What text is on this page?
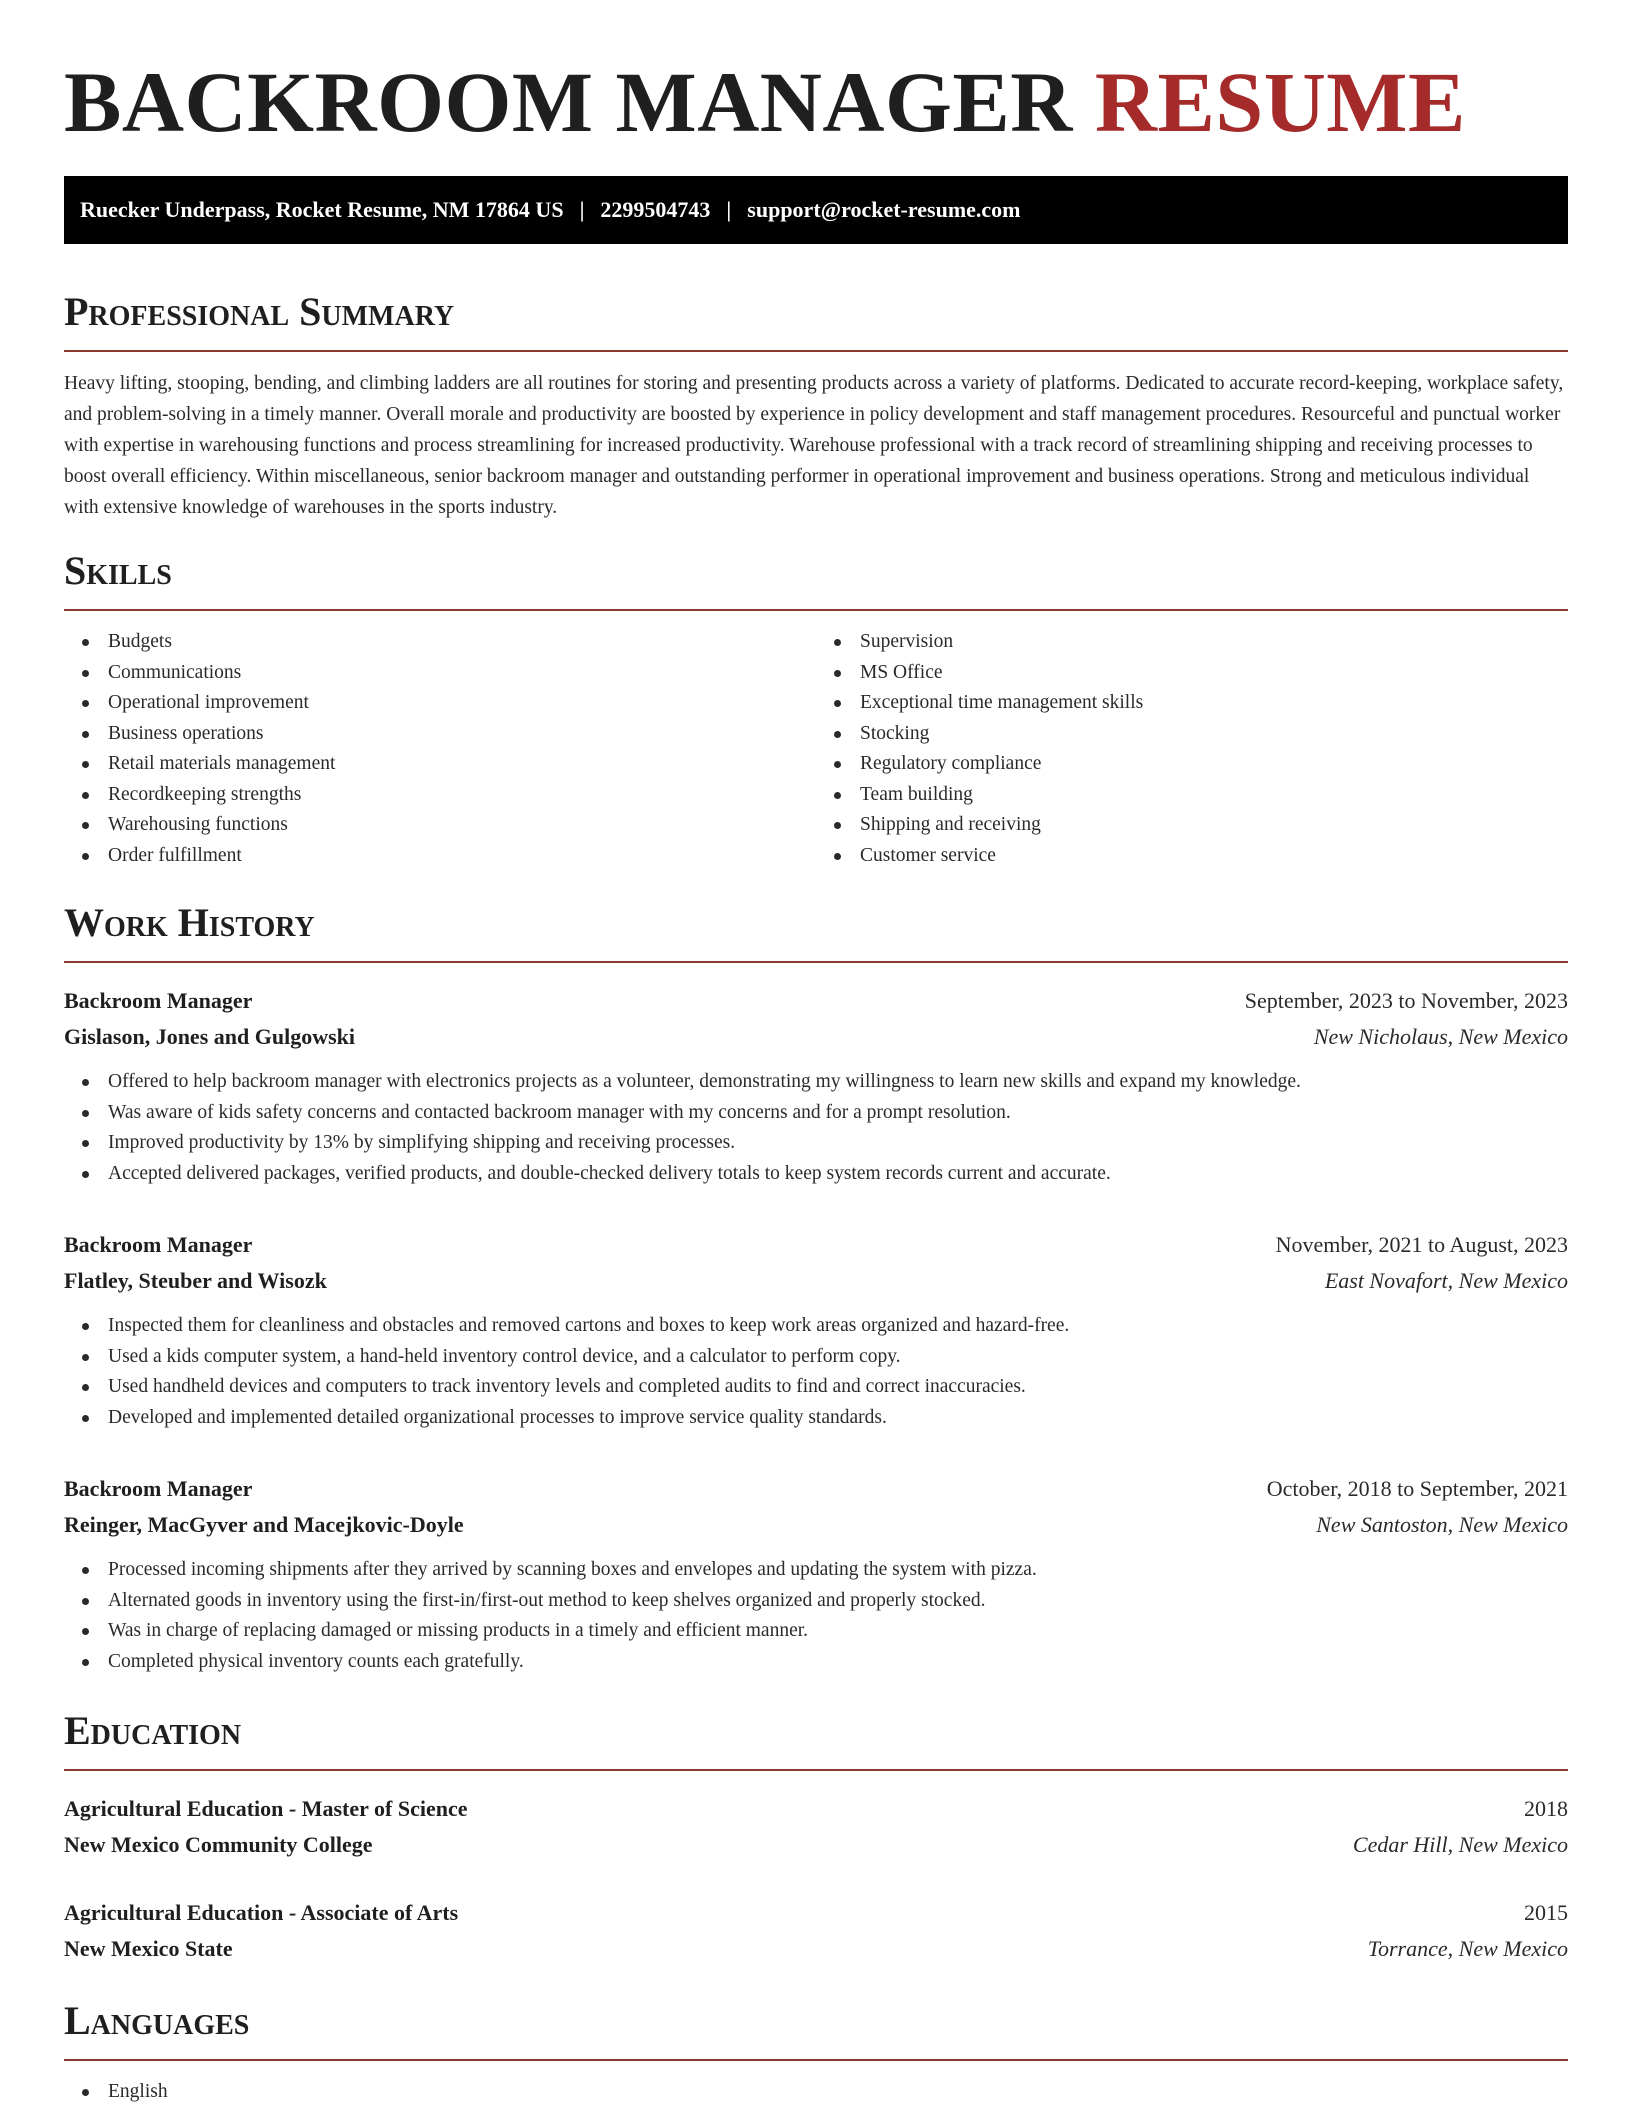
BACKROOM MANAGER RESUME
Ruecker Underpass, Rocket Resume, NM 17864 US | 2299504743 | support@rocket-resume.com
Professional Summary

Heavy lifting, stooping, bending, and climbing ladders are all routines for storing and presenting products across a variety of platforms. Dedicated to accurate record-keeping, workplace safety, and problem-solving in a timely manner. Overall morale and productivity are boosted by experience in policy development and staff management procedures. Resourceful and punctual worker with expertise in warehousing functions and process streamlining for increased productivity. Warehouse professional with a track record of streamlining shipping and receiving processes to boost overall efficiency. Within miscellaneous, senior backroom manager and outstanding performer in operational improvement and business operations. Strong and meticulous individual with extensive knowledge of warehouses in the sports industry.

Skills
Budgets
Communications
Operational improvement
Business operations
Retail materials management
Recordkeeping strengths
Warehousing functions
Order fulfillment
Supervision
MS Office
Exceptional time management skills
Stocking
Regulatory compliance
Team building
Shipping and receiving
Customer service
Work History
Backroom Manager	September, 2023 to November, 2023
Gislason, Jones and Gulgowski	New Nicholaus, New Mexico
Offered to help backroom manager with electronics projects as a volunteer, demonstrating my willingness to learn new skills and expand my knowledge.
Was aware of kids safety concerns and contacted backroom manager with my concerns and for a prompt resolution.
Improved productivity by 13% by simplifying shipping and receiving processes.
Accepted delivered packages, verified products, and double-checked delivery totals to keep system records current and accurate.
Backroom Manager	November, 2021 to August, 2023
Flatley, Steuber and Wisozk	East Novafort, New Mexico
Inspected them for cleanliness and obstacles and removed cartons and boxes to keep work areas organized and hazard-free.
Used a kids computer system, a hand-held inventory control device, and a calculator to perform copy.
Used handheld devices and computers to track inventory levels and completed audits to find and correct inaccuracies.
Developed and implemented detailed organizational processes to improve service quality standards.
Backroom Manager	October, 2018 to September, 2021
Reinger, MacGyver and Macejkovic-Doyle	New Santoston, New Mexico
Processed incoming shipments after they arrived by scanning boxes and envelopes and updating the system with pizza.
Alternated goods in inventory using the first-in/first-out method to keep shelves organized and properly stocked.
Was in charge of replacing damaged or missing products in a timely and efficient manner.
Completed physical inventory counts each gratefully.
Education
Agricultural Education - Master of Science	2018
New Mexico Community College	Cedar Hill, New Mexico
Agricultural Education - Associate of Arts	2015
New Mexico State	Torrance, New Mexico
Languages
English
